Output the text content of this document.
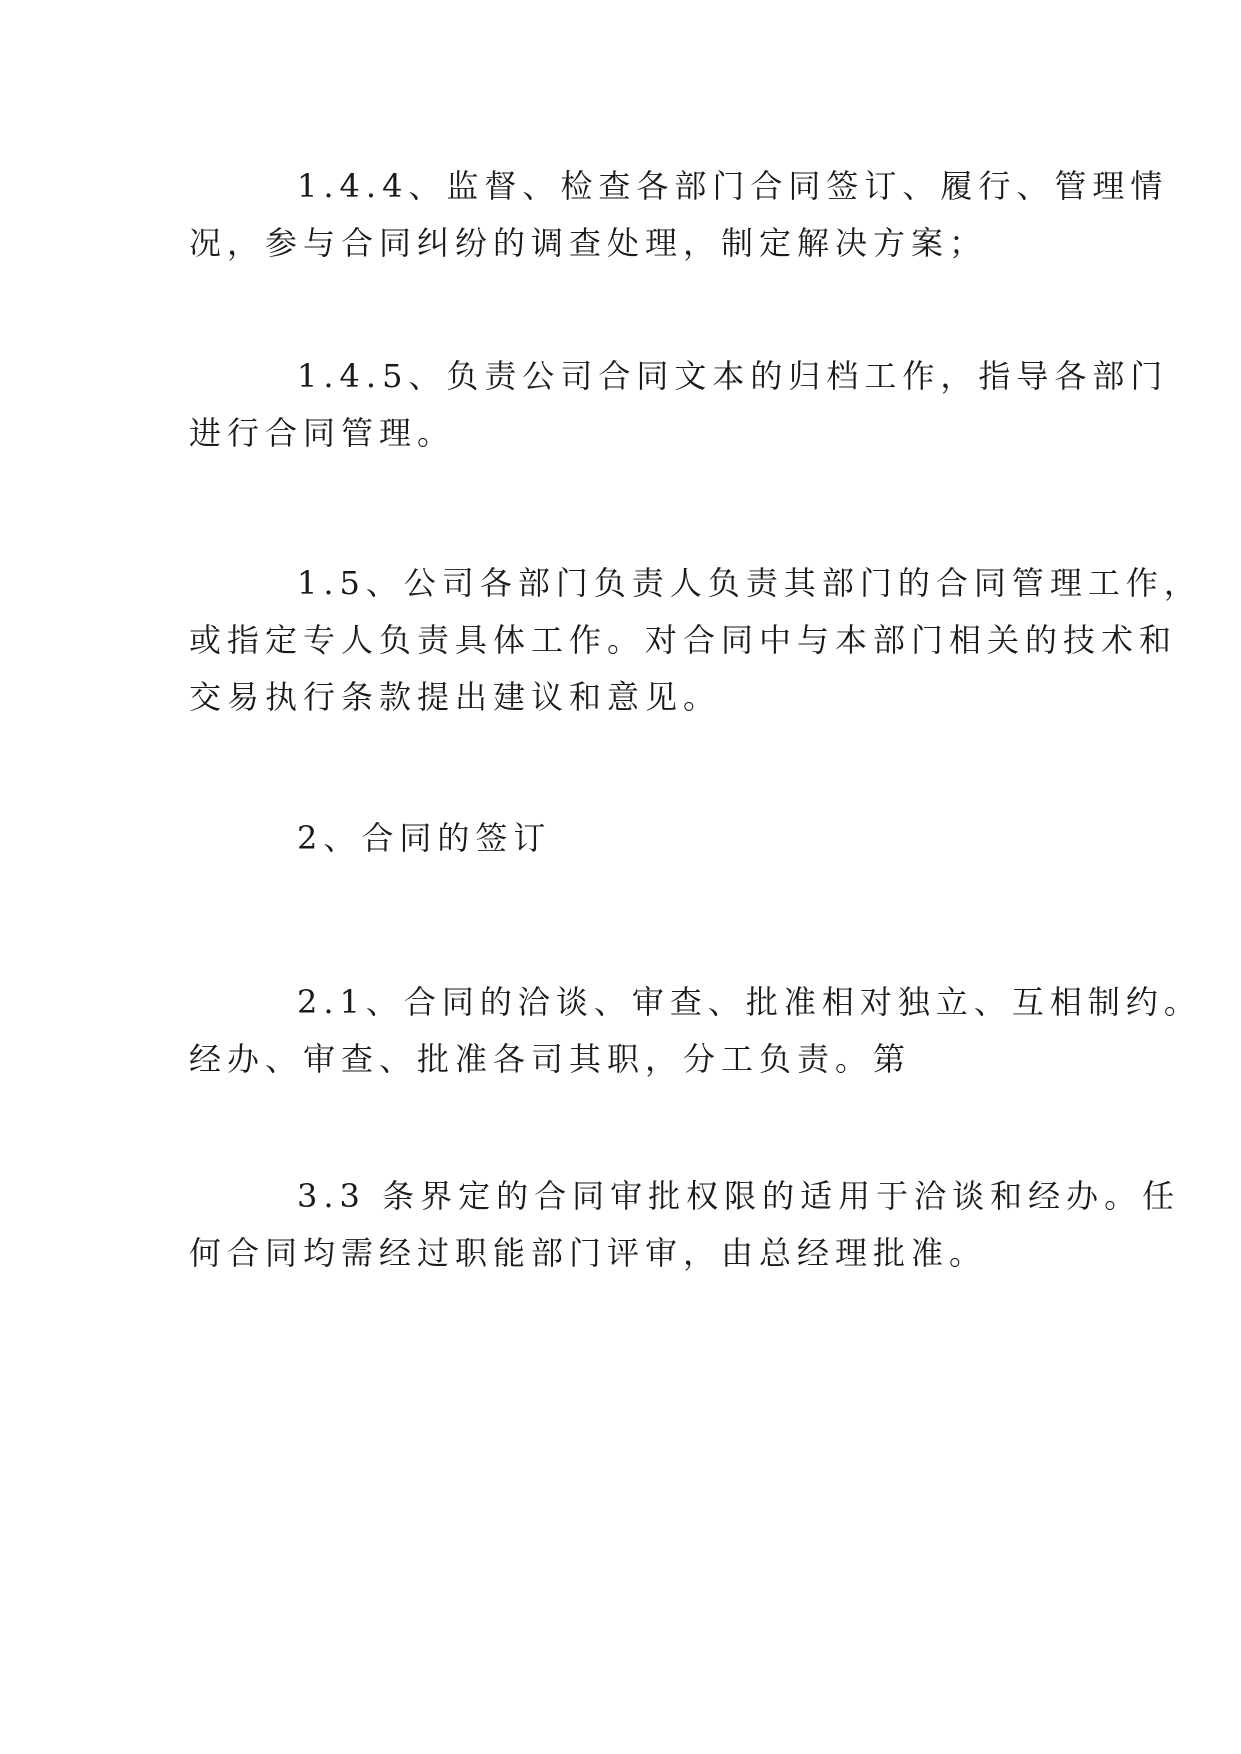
1.4.4、监督、检查各部门合同签订、履行、管理情
况，参与合同纠纷的调查处理，制定解决方案；

1.4.5、负责公司合同文本的归档工作，指导各部门
进行合同管理。

1.5、公司各部门负责人负责其部门的合同管理工作，
或指定专人负责具体工作。对合同中与本部门相关的技术和
交易执行条款提出建议和意见。

2、合同的签订

2.1、合同的洽谈、审查、批准相对独立、互相制约。
经办、审查、批准各司其职，分工负责。第

3.3 条界定的合同审批权限的适用于洽谈和经办。任
何合同均需经过职能部门评审，由总经理批准。
